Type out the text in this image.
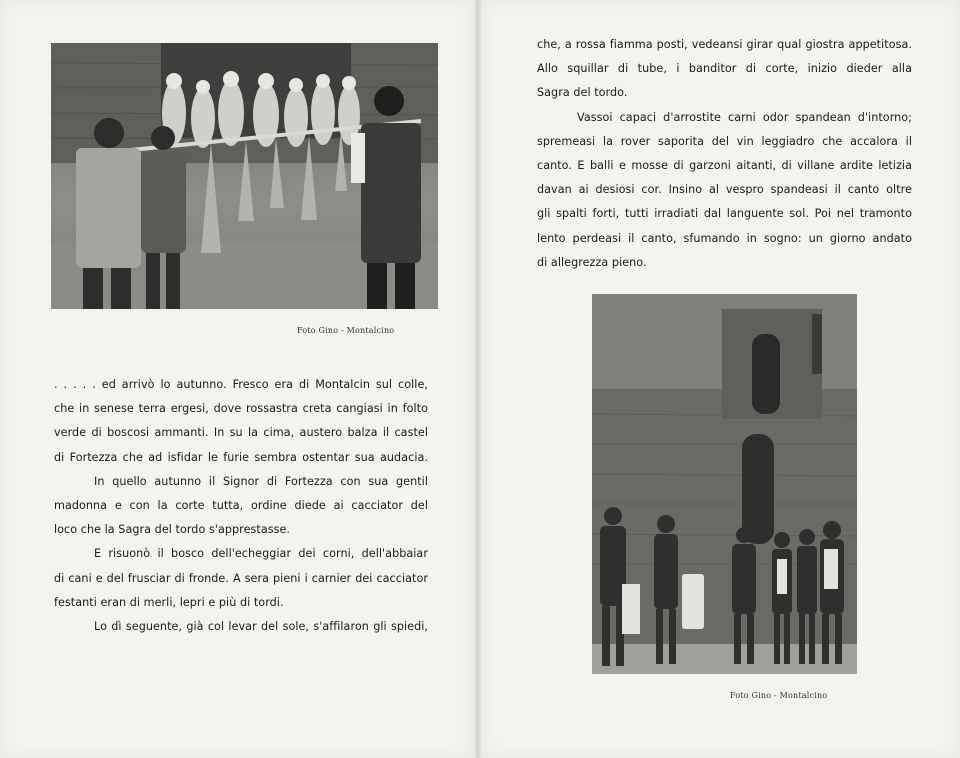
Foto Gino - Montalcino
. . . . . ed arrivò lo autunno. Fresco era di Montalcin sul colle,
che in senese terra ergesi, dove rossastra creta cangiasi in folto
verde di boscosi ammanti. In su la cima, austero balza il castel
di Fortezza che ad isfidar le furie sembra ostentar sua audacia.
In quello autunno il Signor di Fortezza con sua gentil
madonna e con la corte tutta, ordine diede ai cacciator del
loco che la Sagra del tordo s'apprestasse.
E risuonò il bosco dell'echeggiar dei corni, dell'abbaiar
di cani e del frusciar di fronde. A sera pieni i carnier dei cacciator
festanti eran di merli, lepri e più di tordi.
Lo dì seguente, già col levar del sole, s'affilaron gli spiedi,
che, a rossa fiamma posti, vedeansi girar qual giostra appetitosa.
Allo squillar di tube, i banditor di corte, inizio dieder alla
Sagra del tordo.
Vassoi capaci d'arrostite carni odor spandean d'intorno;
spremeasi la rover saporita del vin leggiadro che accalora il
canto. E balli e mosse di garzoni aitanti, di villane ardite letizia
davan ai desiosi cor. Insino al vespro spandeasi il canto oltre
gli spalti forti, tutti irradiati dal languente sol. Poi nel tramonto
lento perdeasi il canto, sfumando in sogno: un giorno andato
di allegrezza pieno.
Foto Gino - Montalcino
